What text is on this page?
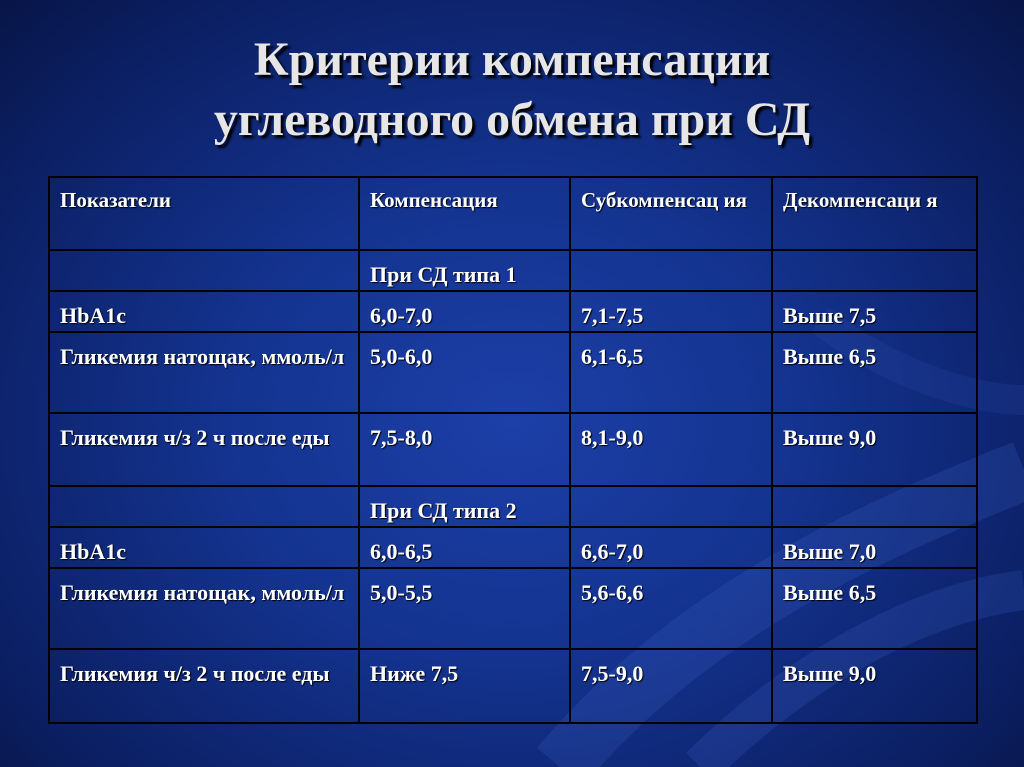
Критерии компенсации
углеводного обмена при СД
Показатели	Компенсация	Субкомпенсац ия	Декомпенсаци я
	При СД типа 1		
HbA1c	6,0-7,0	7,1-7,5	Выше 7,5
Гликемия натощак, ммоль/л	5,0-6,0	6,1-6,5	Выше 6,5
Гликемия ч/з 2 ч после еды	7,5-8,0	8,1-9,0	Выше 9,0
	При СД типа 2		
HbA1c	6,0-6,5	6,6-7,0	Выше 7,0
Гликемия натощак, ммоль/л	5,0-5,5	5,6-6,6	Выше 6,5
Гликемия ч/з 2 ч после еды	Ниже 7,5	7,5-9,0	Выше 9,0
